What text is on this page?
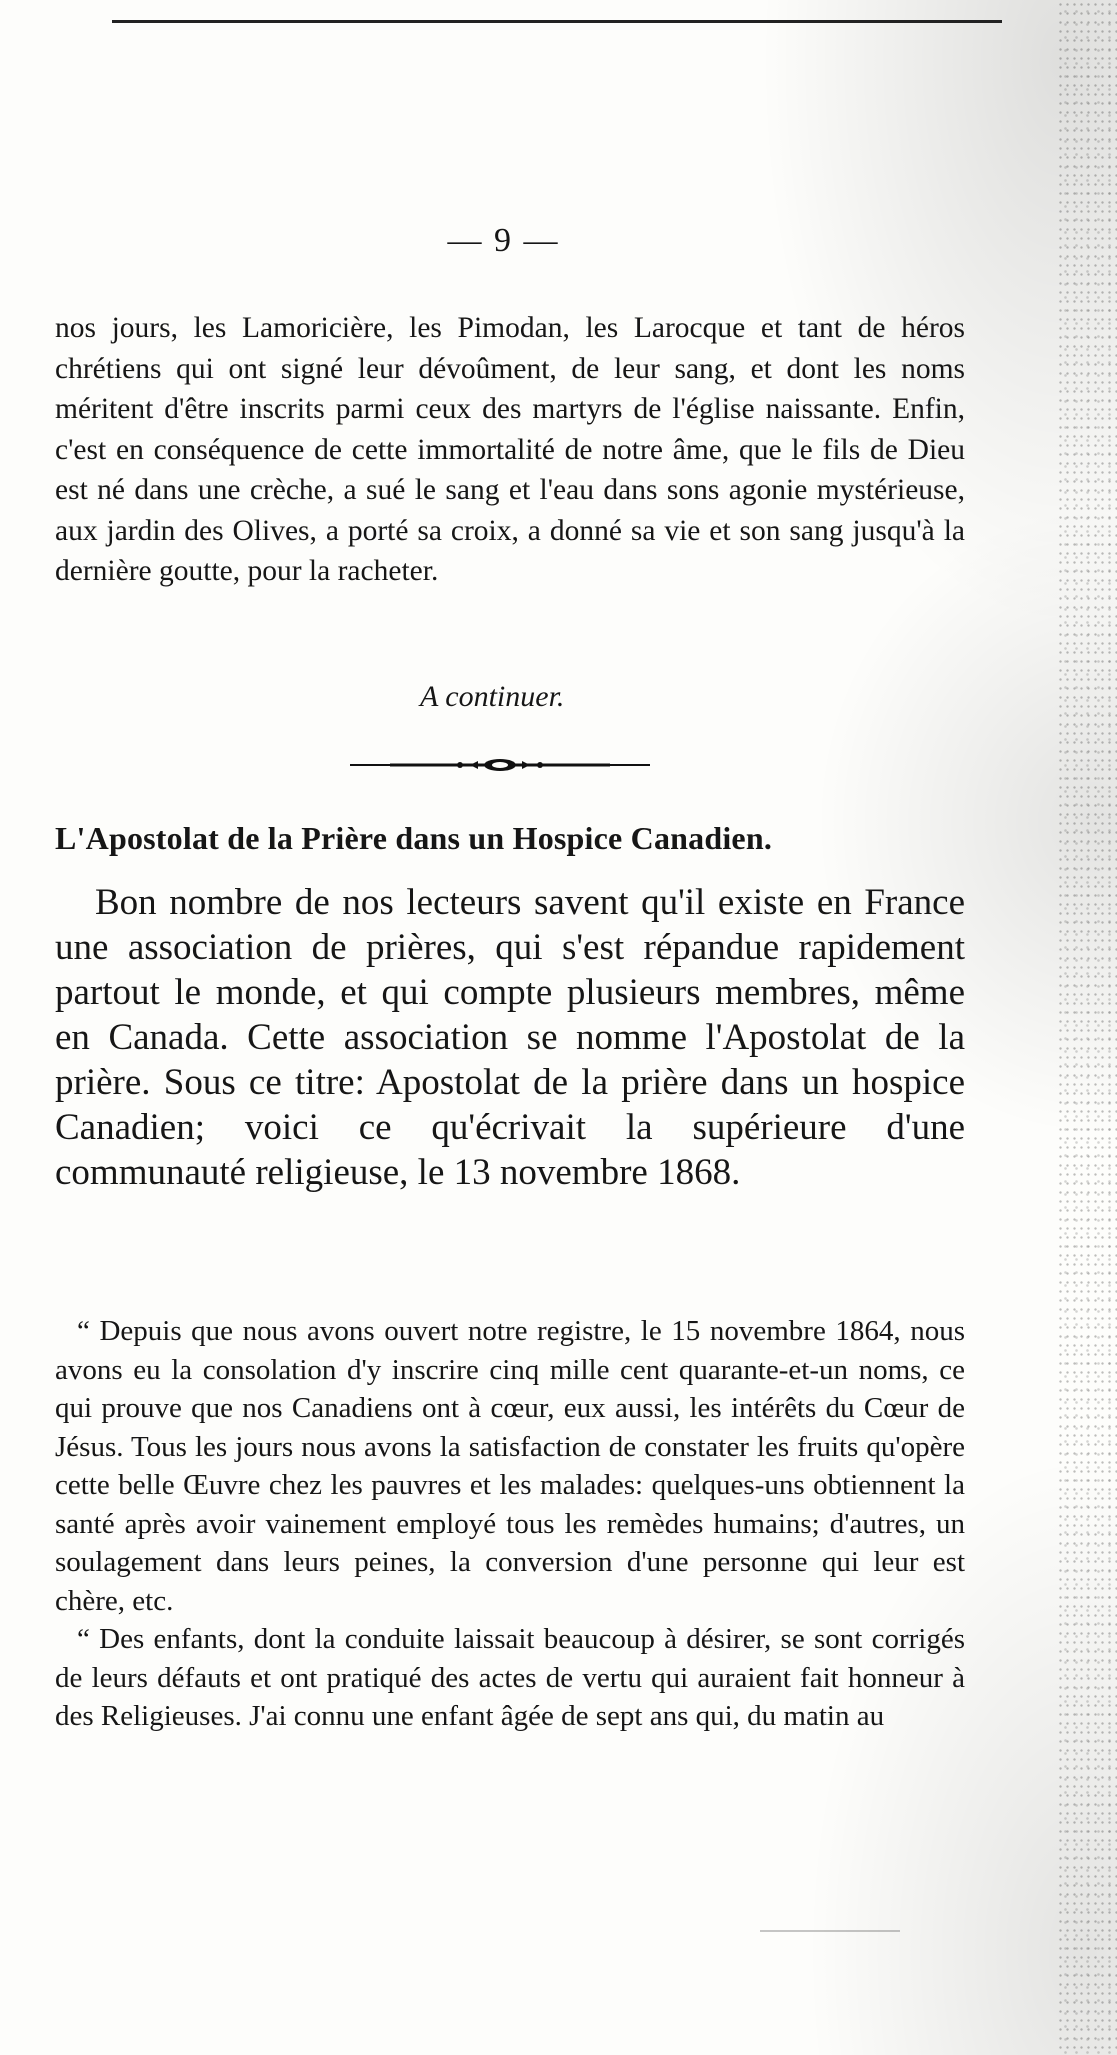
— 9 —

nos jours, les Lamoricière, les Pimodan, les Larocque et tant de héros chrétiens qui ont signé leur dévoûment, de leur sang, et dont les noms méritent d'être inscrits parmi ceux des martyrs de l'église naissante. Enfin, c'est en conséquence de cette immortalité de notre âme, que le fils de Dieu est né dans une crèche, a sué le sang et l'eau dans sons agonie mystérieuse, aux jardin des Olives, a porté sa croix, a donné sa vie et son sang jusqu'à la dernière goutte, pour la racheter.

A continuer.
L'Apostolat de la Prière dans un Hospice Canadien.

Bon nombre de nos lecteurs savent qu'il existe en France une association de prières, qui s'est répandue rapidement partout le monde, et qui compte plusieurs membres, même en Canada. Cette association se nomme l'Apostolat de la prière. Sous ce titre: Apostolat de la prière dans un hospice Canadien; voici ce qu'écrivait la supérieure d'une communauté religieuse, le 13 novembre 1868.

“ Depuis que nous avons ouvert notre registre, le 15 novembre 1864, nous avons eu la consolation d'y inscrire cinq mille cent quarante-et-un noms, ce qui prouve que nos Canadiens ont à cœur, eux aussi, les intérêts du Cœur de Jésus. Tous les jours nous avons la satisfaction de constater les fruits qu'opère cette belle Œuvre chez les pauvres et les malades: quelques-uns obtiennent la santé après avoir vainement employé tous les remèdes humains; d'autres, un soulagement dans leurs peines, la conversion d'une personne qui leur est chère, etc.

“ Des enfants, dont la conduite laissait beaucoup à désirer, se sont corrigés de leurs défauts et ont pratiqué des actes de vertu qui auraient fait honneur à des Religieuses. J'ai connu une enfant âgée de sept ans qui, du matin au
